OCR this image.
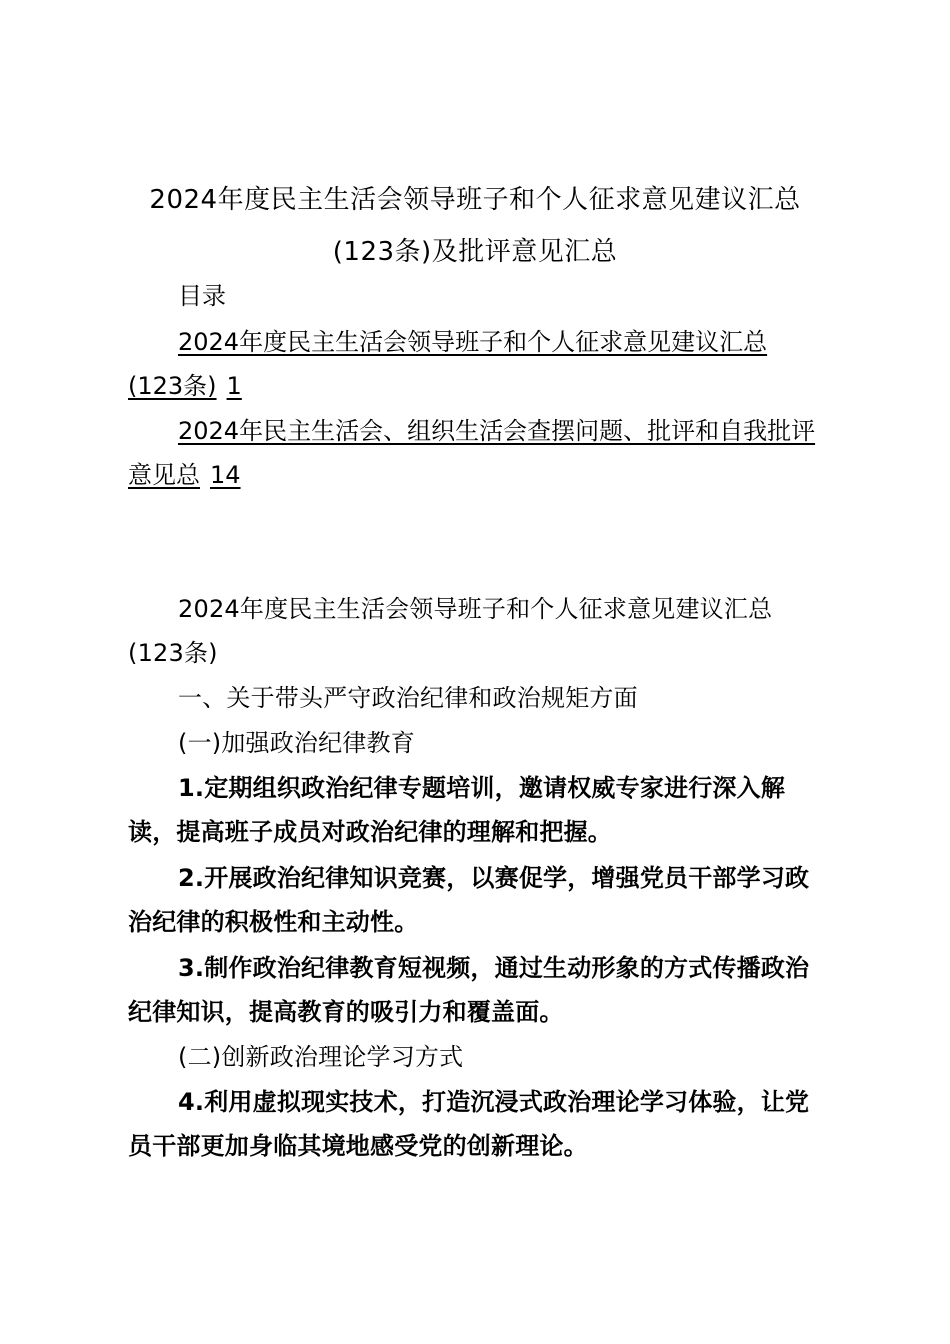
2024年度民主生活会领导班子和个人征求意见建议汇总(123条)及批评意见汇总

目录

2024年度民主生活会领导班子和个人征求意见建议汇总(123条) 1

2024年民主生活会、组织生活会查摆问题、批评和自我批评意见总 14

2024年度民主生活会领导班子和个人征求意见建议汇总(123条)

一、关于带头严守政治纪律和政治规矩方面

(一)加强政治纪律教育

1.定期组织政治纪律专题培训，邀请权威专家进行深入解读，提高班子成员对政治纪律的理解和把握。

2.开展政治纪律知识竞赛，以赛促学，增强党员干部学习政治纪律的积极性和主动性。

3.制作政治纪律教育短视频，通过生动形象的方式传播政治纪律知识，提高教育的吸引力和覆盖面。

(二)创新政治理论学习方式

4.利用虚拟现实技术，打造沉浸式政治理论学习体验，让党员干部更加身临其境地感受党的创新理论。
